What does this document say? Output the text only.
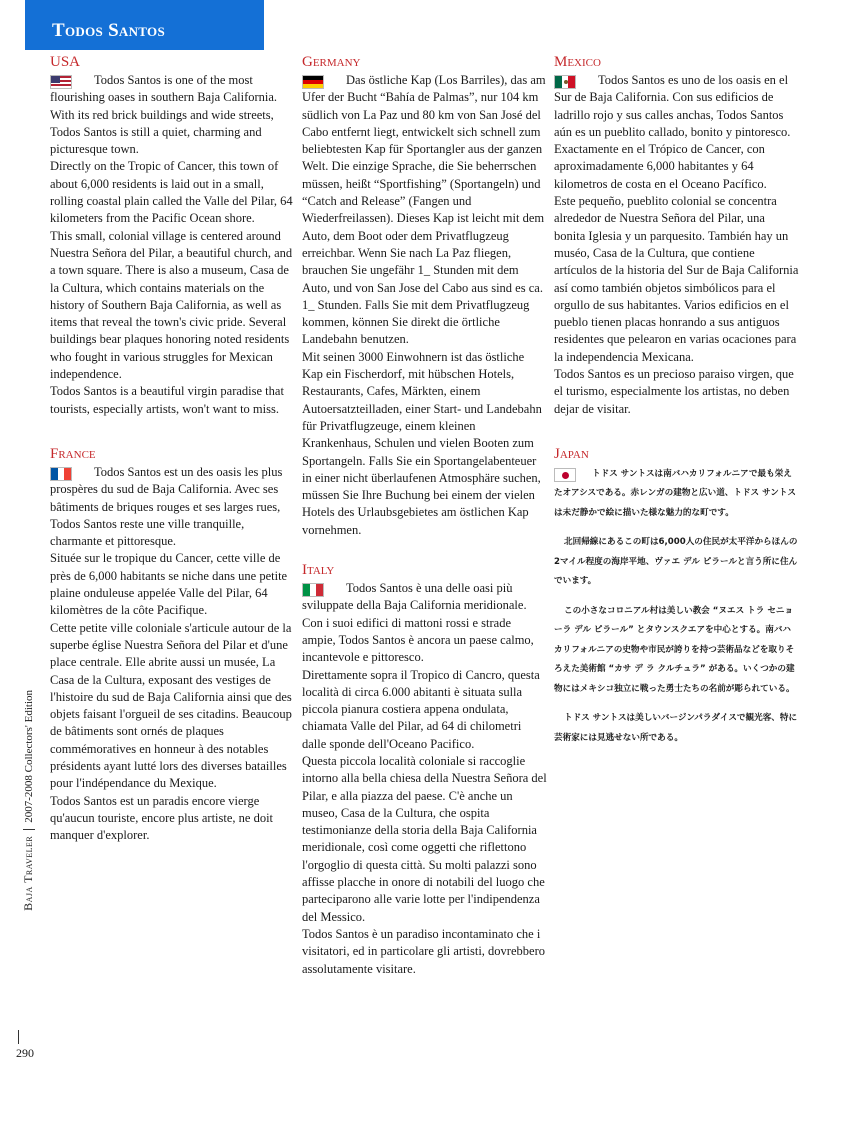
Todos Santos
USA

Todos Santos is one of the most flourishing oases in southern Baja California. With its red brick buildings and wide streets, Todos Santos is still a quiet, charming and picturesque town.

Directly on the Tropic of Cancer, this town of about 6,000 residents is laid out in a small, rolling coastal plain called the Valle del Pilar, 64 kilometers from the Pacific Ocean shore.

This small, colonial village is centered around Nuestra Señora del Pilar, a beautiful church, and a town square. There is also a museum, Casa de la Cultura, which contains materials on the history of Southern Baja California, as well as items that reveal the town's civic pride. Several buildings bear plaques honoring noted residents who fought in various struggles for Mexican independence.

Todos Santos is a beautiful virgin paradise that tourists, especially artists, won't want to miss.

France

Todos Santos est un des oasis les plus prospères du sud de Baja California. Avec ses bâtiments de briques rouges et ses larges rues, Todos Santos reste une ville tranquille, charmante et pittoresque.

Située sur le tropique du Cancer, cette ville de près de 6,000 habitants se niche dans une petite plaine onduleuse appelée Valle del Pilar, 64 kilomètres de la côte Pacifique.

Cette petite ville coloniale s'articule autour de la superbe église Nuestra Señora del Pilar et d'une place centrale. Elle abrite aussi un musée, La Casa de la Cultura, exposant des vestiges de l'histoire du sud de Baja California ainsi que des objets faisant l'orgueil de ses citadins. Beaucoup de bâtiments sont ornés de plaques commémoratives en honneur à des notables présidents ayant lutté lors des diverses batailles pour l'indépendance du Mexique.

Todos Santos est un paradis encore vierge qu'aucun touriste, encore plus artiste, ne doit manquer d'explorer.

Germany

Das östliche Kap (Los Barriles), das am Ufer der Bucht “Bahía de Palmas”, nur 104 km südlich von La Paz und 80 km von San José del Cabo entfernt liegt, entwickelt sich schnell zum beliebtesten Kap für Sportangler aus der ganzen Welt. Die einzige Sprache, die Sie beherrschen müssen, heißt “Sportfishing” (Sportangeln) und “Catch and Release” (Fangen und Wiederfreilassen). Dieses Kap ist leicht mit dem Auto, dem Boot oder dem Privatflugzeug erreichbar. Wenn Sie nach La Paz fliegen, brauchen Sie ungefähr 1_ Stunden mit dem Auto, und von San Jose del Cabo aus sind es ca. 1_ Stunden. Falls Sie mit dem Privatflugzeug kommen, können Sie direkt die örtliche Landebahn benutzen.

Mit seinen 3000 Einwohnern ist das östliche Kap ein Fischerdorf, mit hübschen Hotels, Restaurants, Cafes, Märkten, einem Autoersatzteilladen, einer Start- und Landebahn für Privatflugzeuge, einem kleinen Krankenhaus, Schulen und vielen Booten zum Sportangeln. Falls Sie ein Sportangelabenteuer in einer nicht überlaufenen Atmosphäre suchen, müssen Sie Ihre Buchung bei einem der vielen Hotels des Urlaubsgebietes am östlichen Kap vornehmen.

Italy

Todos Santos è una delle oasi più sviluppate della Baja California meridionale. Con i suoi edifici di mattoni rossi e strade ampie, Todos Santos è ancora un paese calmo, incantevole e pittoresco.

Direttamente sopra il Tropico di Cancro, questa località di circa 6.000 abitanti è situata sulla piccola pianura costiera appena ondulata, chiamata Valle del Pilar, ad 64 di chilometri dalle sponde dell'Oceano Pacifico.

Questa piccola località coloniale si raccoglie intorno alla bella chiesa della Nuestra Señora del Pilar, e alla piazza del paese. C'è anche un museo, Casa de la Cultura, che ospita testimonianze della storia della Baja California meridionale, così come oggetti che riflettono l'orgoglio di questa città. Su molti palazzi sono affisse placche in onore di notabili del luogo che parteciparono alle varie lotte per l'indipendenza del Messico.

Todos Santos è un paradiso incontaminato che i visitatori, ed in particolare gli artisti, dovrebbero assolutamente visitare.

Mexico

Todos Santos es uno de los oasis en el Sur de Baja California. Con sus edificios de ladrillo rojo y sus calles anchas, Todos Santos aún es un pueblito callado, bonito y pintoresco.

Exactamente en el Trópico de Cancer, con aproximadamente 6,000 habitantes y 64 kilometros de costa en el Oceano Pacífico.

Este pequeño, pueblito colonial se concentra alrededor de Nuestra Señora del Pilar, una bonita Iglesia y un parquesito. También hay un muséo, Casa de la Cultura, que contiene artículos de la historia del Sur de Baja California así como también objetos simbólicos para el orgullo de sus habitantes. Varios edificios en el pueblo tienen placas honrando a sus antiguos residentes que pelearon en varias ocaciones para la independencia Mexicana.

Todos Santos es un precioso paraiso virgen, que el turismo, especialmente los artistas, no deben dejar de visitar.

Japan

トドス サントスは南バハカリフォルニアで最も栄えたオアシスである。赤レンガの建物と広い道、トドス サントスは未だ静かで絵に描いた様な魅力的な町です。

北回帰線にあるこの町は6,000人の住民が太平洋からほんの2マイル程度の海岸平地、ヴァエ デル ピラールと言う所に住んでいます。

この小さなコロニアル村は美しい教会 “ヌエス トラ セニョーラ デル ピラール” とタウンスクエアを中心とする。南バハカリフォルニアの史物や市民が誇りを持つ芸術品などを取りそろえた美術館 “カサ デ ラ クルチュラ” がある。いくつかの建物にはメキシコ独立に戦った勇士たちの名前が彫られている。

トドス サントスは美しいバージンパラダイスで観光客、特に芸術家には見逃せない所である。

Baja Traveler2007-2008 Collectors' Edition
290
